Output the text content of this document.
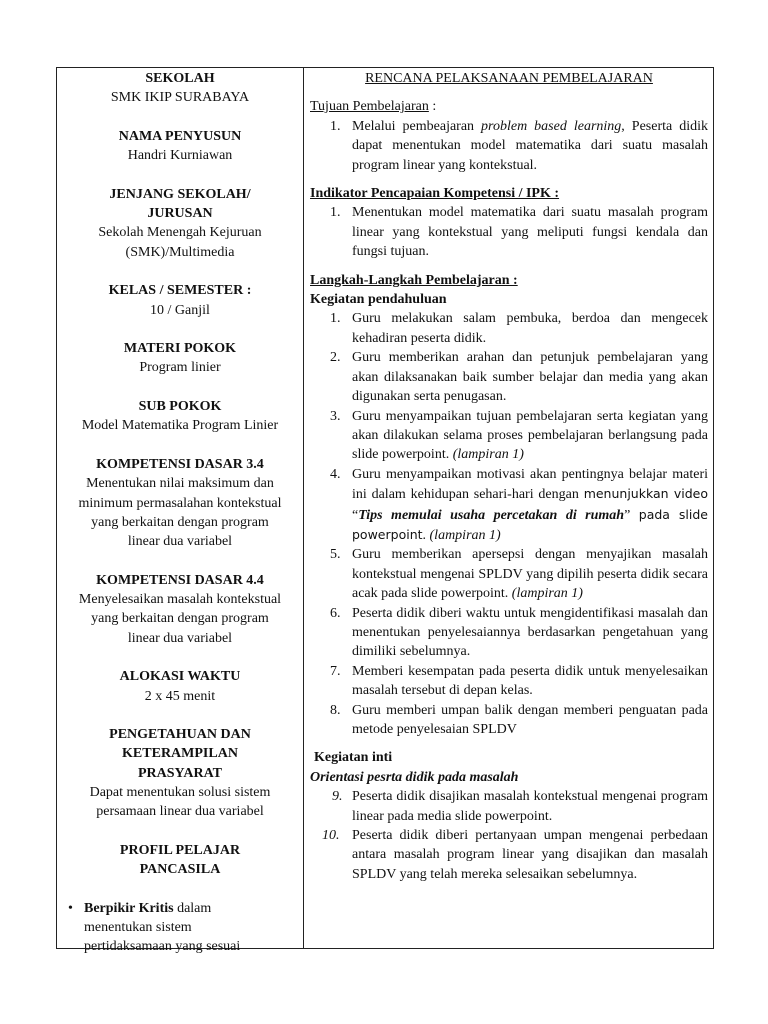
SEKOLAH
SMK IKIP SURABAYA
NAMA PENYUSUN
Handri Kurniawan
JENJANG SEKOLAH/
JURUSAN
Sekolah Menengah Kejuruan
(SMK)/Multimedia
KELAS / SEMESTER :
10 / Ganjil
MATERI POKOK
Program linier
SUB POKOK
Model Matematika Program Linier
KOMPETENSI DASAR 3.4
Menentukan nilai maksimum dan
minimum permasalahan kontekstual
yang berkaitan dengan program
linear dua variabel
KOMPETENSI DASAR 4.4
Menyelesaikan masalah kontekstual
yang berkaitan dengan program
linear dua variabel
ALOKASI WAKTU
2 x 45 menit
PENGETAHUAN DAN
KETERAMPILAN
PRASYARAT
Dapat menentukan solusi sistem
persamaan linear dua variabel
PROFIL PELAJAR
PANCASILA
• Berpikir Kritis dalam
menentukan sistem
pertidaksamaan yang sesuai
RENCANA PELAKSANAAN PEMBELAJARAN
Tujuan Pembelajaran :
1. Melalui pembeajaran problem based learning, Peserta didik dapat menentukan model matematika dari suatu masalah program linear yang kontekstual.
Indikator Pencapaian Kompetensi / IPK :
1. Menentukan model matematika dari suatu masalah program linear yang kontekstual yang meliputi fungsi kendala dan fungsi tujuan.
Langkah-Langkah Pembelajaran :
Kegiatan pendahuluan
1. Guru melakukan salam pembuka, berdoa dan mengecek kehadiran peserta didik.
2. Guru memberikan arahan dan petunjuk pembelajaran yang akan dilaksanakan baik sumber belajar dan media yang akan digunakan serta penugasan.
3. Guru menyampaikan tujuan pembelajaran serta kegiatan yang akan dilakukan selama proses pembelajaran berlangsung pada slide powerpoint. (lampiran 1)
4. Guru menyampaikan motivasi akan pentingnya belajar materi ini dalam kehidupan sehari-hari dengan menunjukkan video “Tips memulai usaha percetakan di rumah” pada slide powerpoint. (lampiran 1)
5. Guru memberikan apersepsi dengan menyajikan masalah kontekstual mengenai SPLDV yang dipilih peserta didik secara acak pada slide powerpoint. (lampiran 1)
6. Peserta didik diberi waktu untuk mengidentifikasi masalah dan menentukan penyelesaiannya berdasarkan pengetahuan yang dimiliki sebelumnya.
7. Memberi kesempatan pada peserta didik untuk menyelesaikan masalah tersebut di depan kelas.
8. Guru memberi umpan balik dengan memberi penguatan pada metode penyelesaian SPLDV
Kegiatan inti
Orientasi pesrta didik pada masalah
9. Peserta didik disajikan masalah kontekstual mengenai program linear pada media slide powerpoint.
10. Peserta didik diberi pertanyaan umpan mengenai perbedaan antara masalah program linear yang disajikan dan masalah SPLDV yang telah mereka selesaikan sebelumnya.
